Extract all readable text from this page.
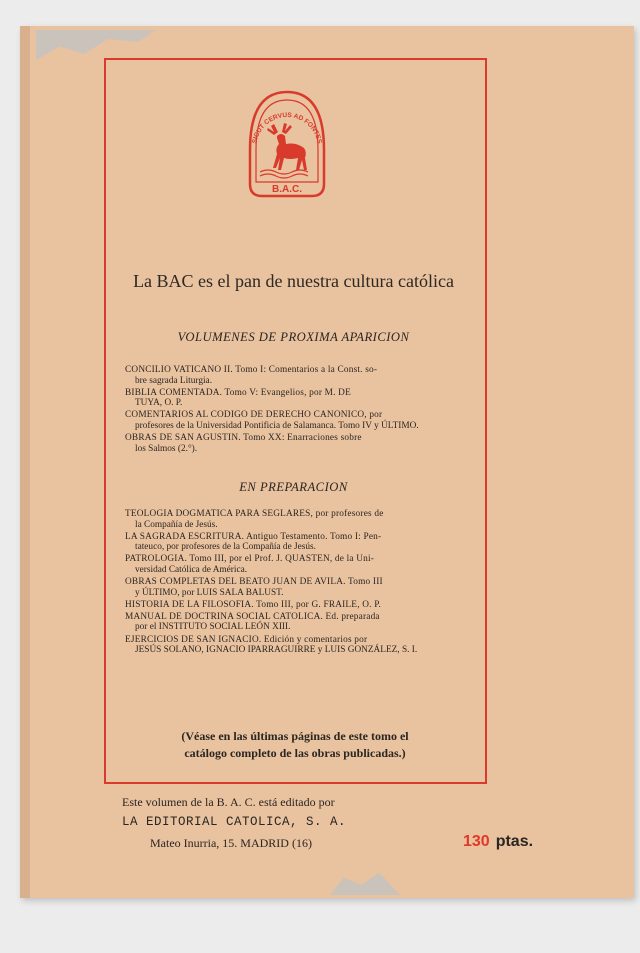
SICUT CERVUS AD FONTES
B.A.C.
La BAC es el pan de nuestra cultura católica
VOLUMENES DE PROXIMA APARICION
CONCILIO VATICANO II. Tomo I: Comentarios a la Const. so-
bre sagrada Liturgia.
BIBLIA COMENTADA. Tomo V: Evangelios, por M. DE
TUYA, O. P.
COMENTARIOS AL CODIGO DE DERECHO CANONICO, por
profesores de la Universidad Pontificia de Salamanca. Tomo IV y ÚLTIMO.
OBRAS DE SAN AGUSTIN. Tomo XX: Enarraciones sobre
los Salmos (2.°).
EN PREPARACION
TEOLOGIA DOGMATICA PARA SEGLARES, por profesores de
la Compañía de Jesús.
LA SAGRADA ESCRITURA. Antiguo Testamento. Tomo I: Pen-
tateuco, por profesores de la Compañía de Jesús.
PATROLOGIA. Tomo III, por el Prof. J. QUASTEN, de la Uni-
versidad Católica de América.
OBRAS COMPLETAS DEL BEATO JUAN DE AVILA. Tomo III
y ÚLTIMO, por LUIS SALA BALUST.
HISTORIA DE LA FILOSOFIA. Tomo III, por G. FRAILE, O. P.
MANUAL DE DOCTRINA SOCIAL CATOLICA. Ed. preparada
por el INSTITUTO SOCIAL LEÓN XIII.
EJERCICIOS DE SAN IGNACIO. Edición y comentarios por
JESÚS SOLANO, IGNACIO IPARRAGUIRRE y LUIS GONZÁLEZ, S. I.
(Véase en las últimas páginas de este tomo el
catálogo completo de las obras publicadas.)
Este volumen de la B. A. C. está editado por
LA EDITORIAL CATOLICA, S. A.
Mateo Inurria, 15. MADRID (16)	130 ptas.
